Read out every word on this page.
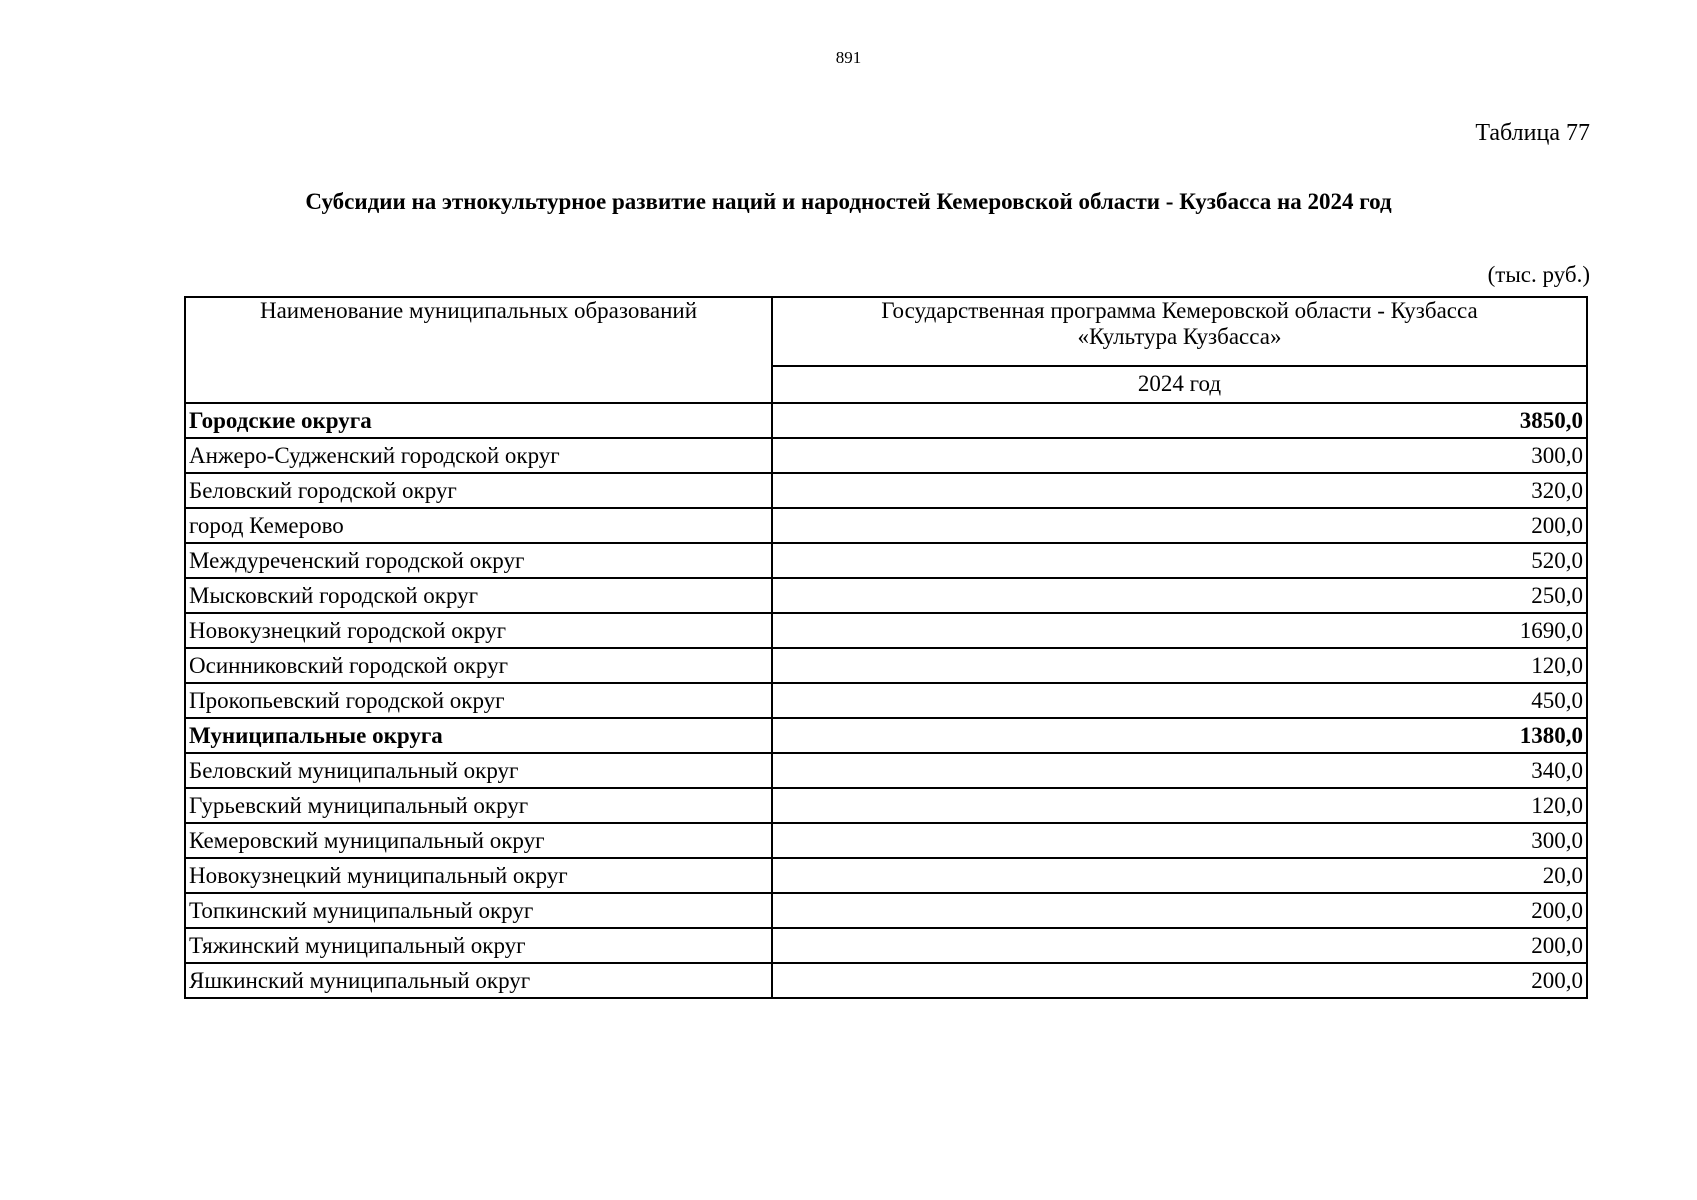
891
Таблица 77
Субсидии на этнокультурное развитие наций и народностей Кемеровской области - Кузбасса на 2024 год
(тыс. руб.)
Наименование муниципальных образований	Государственная программа Кемеровской области - Кузбасса
«Культура Кузбасса»

	2024 год
Городские округа	3850,0
Анжеро-Судженский городской округ	300,0
Беловский городской округ	320,0
город Кемерово	200,0
Междуреченский городской округ	520,0
Мысковский городской округ	250,0
Новокузнецкий городской округ	1690,0
Осинниковский городской округ	120,0
Прокопьевский городской округ	450,0
Муниципальные округа	1380,0
Беловский муниципальный округ	340,0
Гурьевский муниципальный округ	120,0
Кемеровский муниципальный округ	300,0
Новокузнецкий муниципальный округ	20,0
Топкинский муниципальный округ	200,0
Тяжинский муниципальный округ	200,0
Яшкинский муниципальный округ	200,0
